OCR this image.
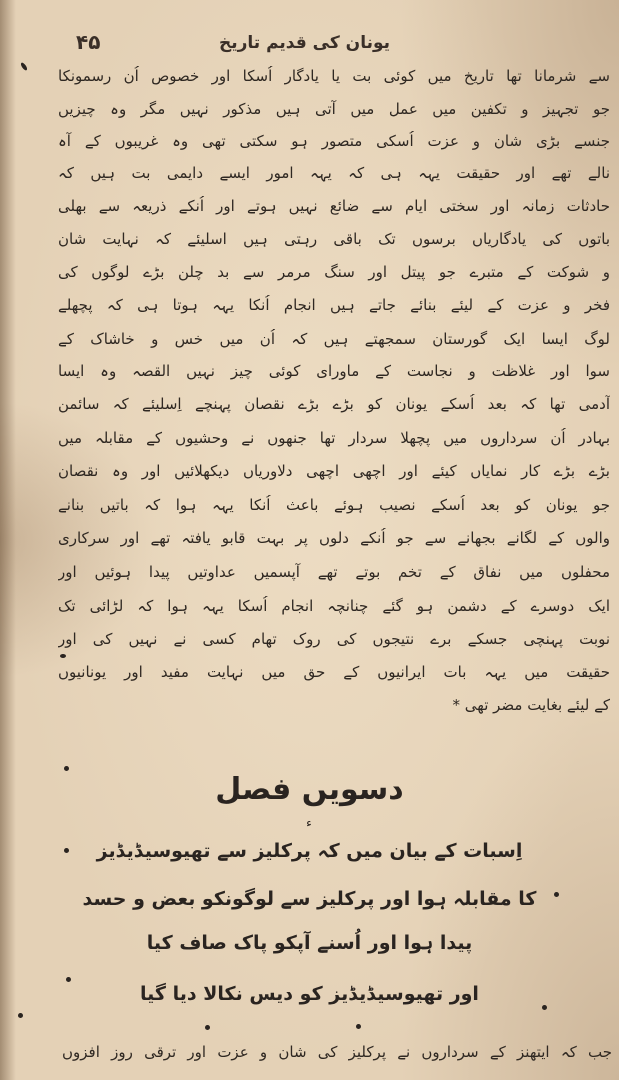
۴۵	یونان کی قدیم تاریخ
سے شرمانا تھا تاریخ میں کوئی بت یا یادگار اُسکا اور خصوص اُن رسمونکا
جو تجہیز و تکفین میں عمل میں آتی ہیں مذکور نہیں مگر وہ چیزیں
جنسے بڑی شان و عزت اُسکی متصور ہو سکتی تھی وہ غریبوں کے آہ
نالے تھے اور حقیقت یہہ ہی کہ یہہ امور ایسے دایمی بت ہیں کہ
حادثات زمانہ اور سختی ایام سے ضائع نہیں ہوتے اور اُنکے ذریعہ سے بھلی
باتوں کی یادگاریاں برسوں تک باقی رہتی ہیں اسلیئے کہ نہایت شان
و شوکت کے متبرے جو پیتل اور سنگ مرمر سے بد چلن بڑے لوگوں کی
فخر و عزت کے لیئے بنائے جاتے ہیں انجام اُنکا یہہ ہوتا ہی کہ پچھلے
لوگ ایسا ایک گورستان سمجھتے ہیں کہ اُن میں خس و خاشاک کے
سوا اور غلاظت و نجاست کے ماورای کوئی چیز نہیں القصہ وہ ایسا
آدمی تھا کہ بعد اُسکے یونان کو بڑے بڑے نقصان پہنچے اِسلیئے کہ سائمن
بہادر اُن سرداروں میں پچھلا سردار تھا جنھوں نے وحشیوں کے مقابلہ میں
بڑے بڑے کار نمایاں کیئے اور اچھی اچھی دلاوریاں دیکھلائیں اور وہ نقصان
جو یونان کو بعد اُسکے نصیب ہوئے باعث اُنکا یہہ ہوا کہ باتیں بنانے
والوں کے لگانے بجھانے سے جو اُنکے دلوں پر بہت قابو یافتہ تھے اور سرکاری
محفلوں میں نفاق کے تخم بوتے تھے آپسمیں عداوتیں پیدا ہوئیں اور
ایک دوسرے کے دشمن ہو گئے چنانچہ انجام اُسکا یہہ ہوا کہ لڑائی تک
نوبت پہنچی جسکے برے نتیجوں کی روک تھام کسی نے نہیں کی اور
حقیقت میں یہہ بات ایرانیوں کے حق میں نہایت مفید اور یونانیوں
کے لیئے بغایت مضر تھی *
دسویں فصل
ء
اِسبات کے بیان میں کہ پرکلیز سے تھیوسیڈیڈیز
کا مقابلہ ہوا اور پرکلیز سے لوگونکو بعض و حسد
پیدا ہوا اور اُسنے آپکو پاک صاف کیا
اور تھیوسیڈیڈیز کو دیس نکالا دیا گیا
جب کہ ایتھنز کے سرداروں نے پرکلیز کی شان و عزت اور ترقی روز افزوں
